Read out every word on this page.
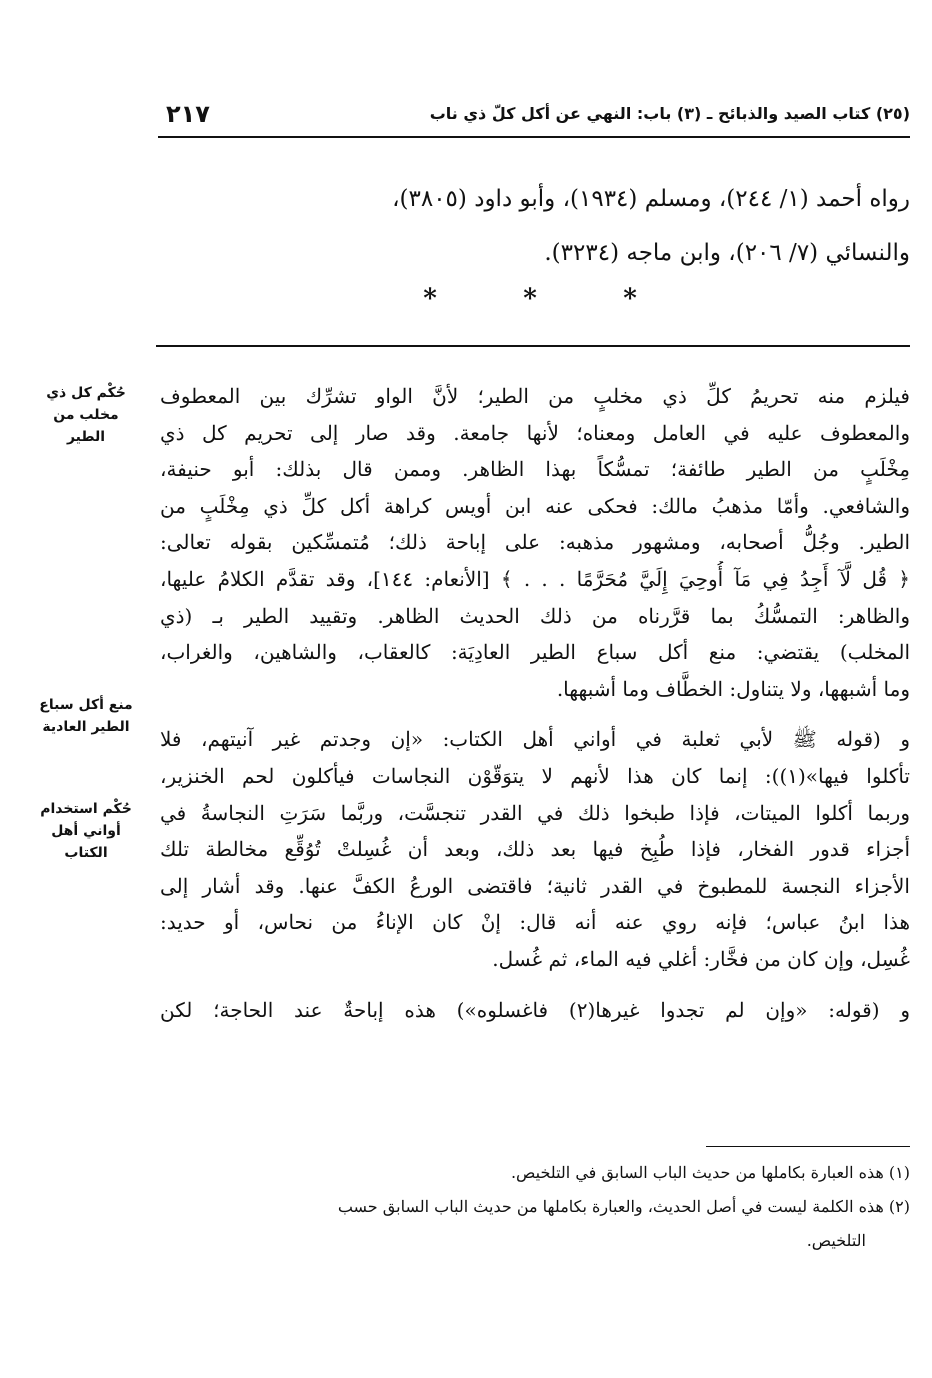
٢١٧	(٢٥) كتاب الصيد والذبائح ـ (٣) باب: النهي عن أكل كلّ ذي ناب
رواه أحمد (١/ ٢٤٤)، ومسلم (١٩٣٤)، وأبو داود (٣٨٠٥)،
والنسائي (٧/ ٢٠٦)، وابن ماجه (٣٢٣٤).
*
*
*

فيلزم منه تحريمُ كلِّ ذي مخلبٍ من الطير؛ لأنَّ الواو تشرِّك بين المعطوف
والمعطوف عليه في العامل ومعناه؛ لأنها جامعة. وقد صار إلى تحريم كل ذي
مِخْلَبٍ من الطير طائفة؛ تمسُّكاً بهذا الظاهر. وممن قال بذلك: أبو حنيفة،
والشافعي. وأمّا مذهبُ مالك: فحكى عنه ابن أويس كراهة أكل كلِّ ذي مِخْلَبٍ من
الطير. وجُلُّ أصحابه، ومشهور مذهبه: على إباحة ذلك؛ مُتمسِّكين بقوله تعالى:
﴿ قُل لَّآ أَجِدُ فِي مَآ أُوحِيَ إِلَيَّ مُحَرَّمًا . . . ﴾ [الأنعام: ١٤٤]، وقد تقدَّم الكلامُ عليها،
والظاهر: التمسُّكُ بما قرَّرناه من ذلك الحديث الظاهر. وتقييد الطير بـ (ذي
المخلب) يقتضي: منع أكل سباع الطير العادِيَة: كالعقاب، والشاهين، والغراب،
وما أشبهها، ولا يتناول: الخطَّاف وما أشبهها.

و (قوله ﷺ لأبي ثعلبة في أواني أهل الكتاب: «إن وجدتم غير آنيتهم، فلا
تأكلوا فيها»(١)): إنما كان هذا لأنهم لا يتوَقّوْن النجاسات فيأكلون لحم الخنزير،
وربما أكلوا الميتات، فإذا طبخوا ذلك في القدر تنجسَّت، وربَّما سَرَتِ النجاسةُ في
أجزاء قدور الفخار، فإذا طُبِخ فيها بعد ذلك، وبعد أن غُسِلتْ تُوُقِّع مخالطة تلك
الأجزاء النجسة للمطبوخ في القدر ثانية؛ فاقتضى الورعُ الكفَّ عنها. وقد أشار إلى
هذا ابنُ عباس؛ فإنه روي عنه أنه قال: إنْ كان الإناءُ من نحاس، أو حديد:
غُسِل، وإن كان من فخَّار: أغلي فيه الماء، ثم غُسل.

و (قوله: «وإن لم تجدوا غيرها(٢) فاغسلوه») هذه إباحةٌ عند الحاجة؛ لكن

حُكْم كل ذي
مخلب من
الطير
منع أكل سباع
الطير العادية
حُكْم استخدام
أواني أهل
الكتاب
(١) هذه العبارة بكاملها من حديث الباب السابق في التلخيص.
(٢) هذه الكلمة ليست في أصل الحديث، والعبارة بكاملها من حديث الباب السابق حسب
التلخيص.
